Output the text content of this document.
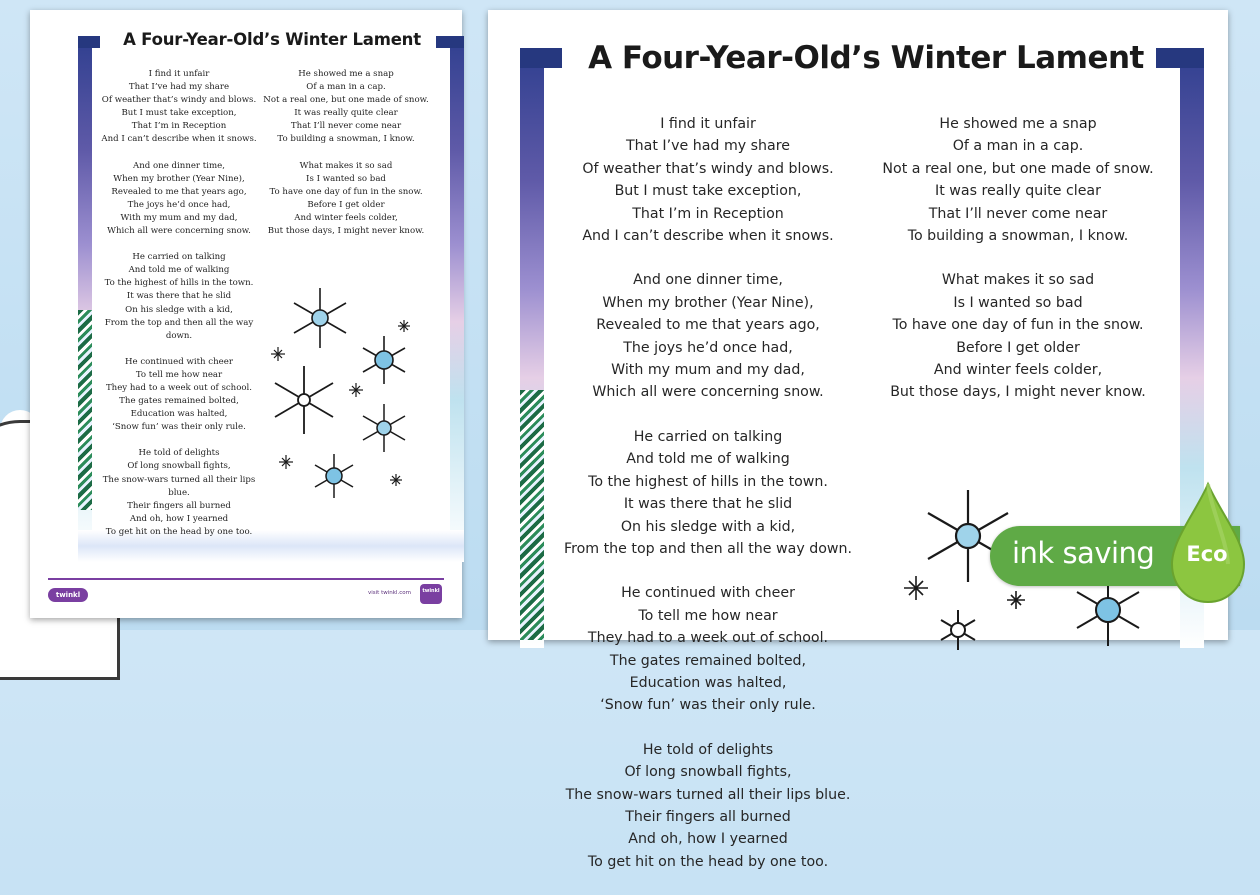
A Four-Year-Old’s Winter Lament
I find it unfair
That I’ve had my share
Of weather that’s windy and blows.
But I must take exception,
That I’m in Reception
And I can’t describe when it snows.
And one dinner time,
When my brother (Year Nine),
Revealed to me that years ago,
The joys he’d once had,
With my mum and my dad,
Which all were concerning snow.
He carried on talking
And told me of walking
To the highest of hills in the town.
It was there that he slid
On his sledge with a kid,
From the top and then all the way down.
He continued with cheer
To tell me how near
They had to a week out of school.
The gates remained bolted,
Education was halted,
‘Snow fun’ was their only rule.
He told of delights
Of long snowball fights,
The snow-wars turned all their lips blue.
Their fingers all burned
And oh, how I yearned
To get hit on the head by one too.
He showed me a snap
Of a man in a cap.
Not a real one, but one made of snow.
It was really quite clear
That I’ll never come near
To building a snowman, I know.
What makes it so sad
Is I wanted so bad
To have one day of fun in the snow.
Before I get older
And winter feels colder,
But those days, I might never know.
twinkl	visit twinkl.com	twinkl
A Four-Year-Old’s Winter Lament
I find it unfair
That I’ve had my share
Of weather that’s windy and blows.
But I must take exception,
That I’m in Reception
And I can’t describe when it snows.
And one dinner time,
When my brother (Year Nine),
Revealed to me that years ago,
The joys he’d once had,
With my mum and my dad,
Which all were concerning snow.
He carried on talking
And told me of walking
To the highest of hills in the town.
It was there that he slid
On his sledge with a kid,
From the top and then all the way down.
He continued with cheer
To tell me how near
They had to a week out of school.
The gates remained bolted,
Education was halted,
‘Snow fun’ was their only rule.
He told of delights
Of long snowball fights,
The snow-wars turned all their lips blue.
Their fingers all burned
And oh, how I yearned
To get hit on the head by one too.
He showed me a snap
Of a man in a cap.
Not a real one, but one made of snow.
It was really quite clear
That I’ll never come near
To building a snowman, I know.
What makes it so sad
Is I wanted so bad
To have one day of fun in the snow.
Before I get older
And winter feels colder,
But those days, I might never know.
ink saving Eco
